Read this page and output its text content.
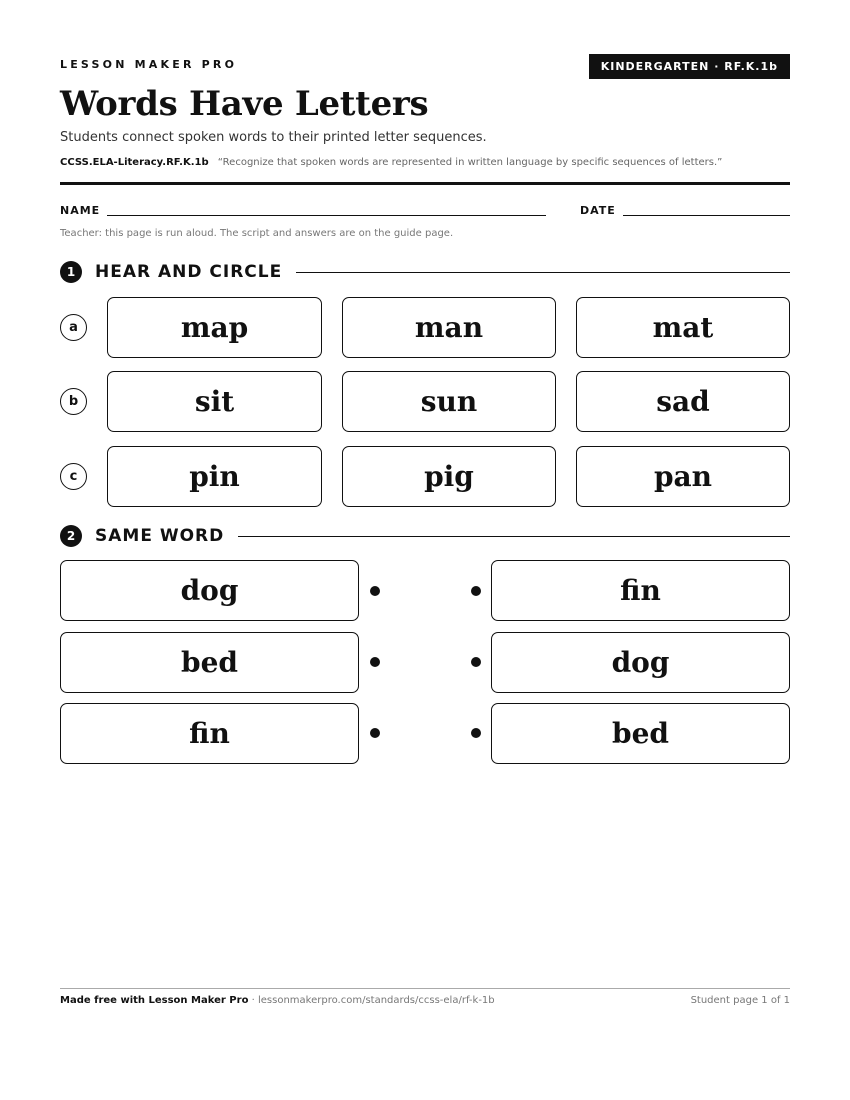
LESSON MAKER PRO	KINDERGARTEN · RF.K.1b
Words Have Letters
Students connect spoken words to their printed letter sequences.
CCSS.ELA-Literacy.RF.K.1b “Recognize that spoken words are represented in written language by specific sequences of letters.”
NAME	DATE
Teacher: this page is run aloud. The script and answers are on the guide page.
1	HEAR AND CIRCLE
a	map	man	mat
b	sit	sun	sad
c	pin	pig	pan
2	SAME WORD
dog	fin
bed	dog
fin	bed
Made free with Lesson Maker Pro · lessonmakerpro.com/standards/ccss-ela/rf-k-1b	Student page 1 of 1
